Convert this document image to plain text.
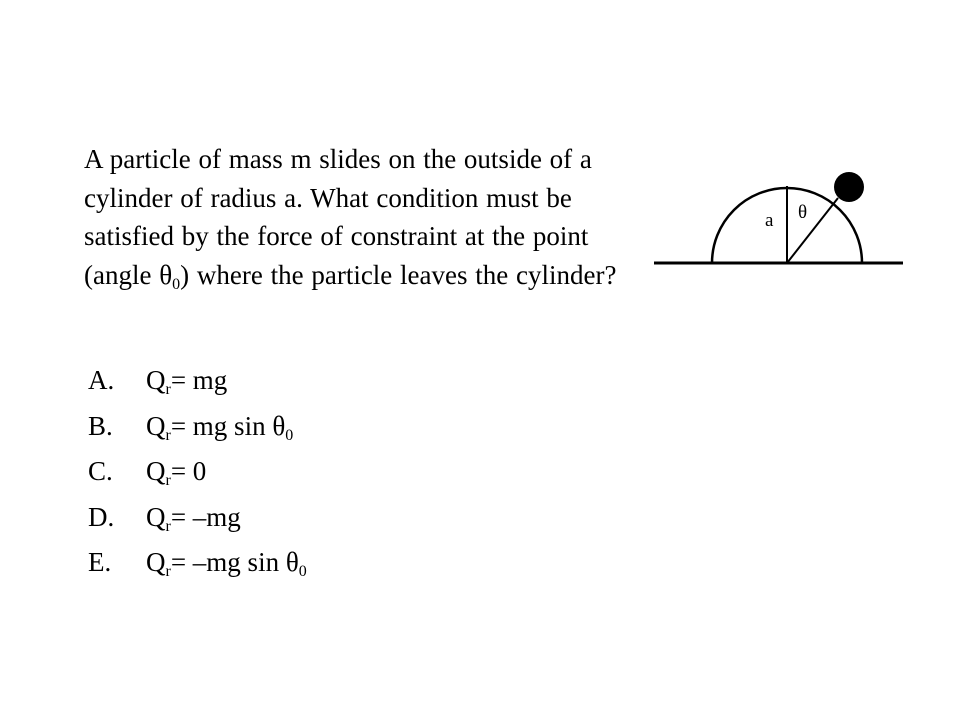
A particle of mass m slides on the outside of a cylinder of radius a. What condition must be satisfied by the force of constraint at the point (angle $\theta_0$) where the particle leaves the cylinder?

A. $Q_r=$ mg
B. $Q_r=$ mg $\sin \theta_0$
C. $Q_r= 0$
D. $Q_r= -mg$
E. $Q_r= -mg$ $\sin \theta_0$
a θ
